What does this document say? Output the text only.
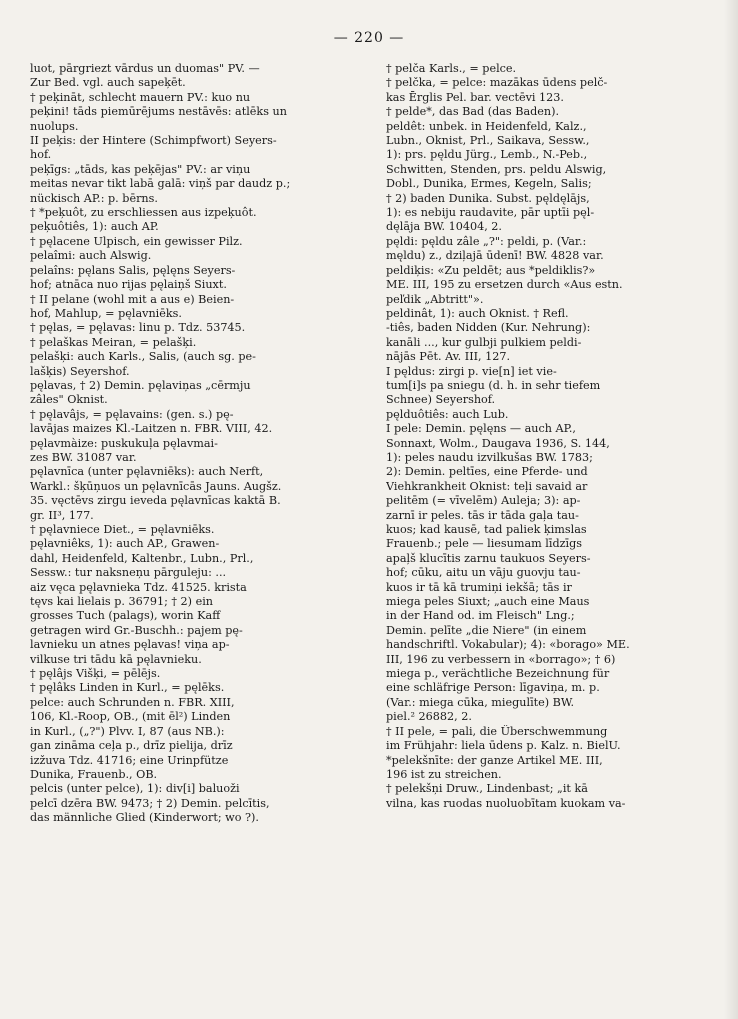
— 220 —
luot, pārgriezt vārdus un duomas" PV. —
Zur Bed. vgl. auch sapeķēt.
† peķināt, schlecht mauern PV.: kuo nu
peķini! tāds piemūrējums nestāvēs: atlēks un
nuolups.
II peķis: der Hintere (Schimpfwort) Seyers-
hof.
peķīgs: „tāds, kas peķējas" PV.: ar viņu
meitas nevar tikt labā galā: viņš par daudz p.;
nückisch AP.: p. bērns.
† *peķuôt, zu erschliessen aus izpeķuôt.
peķuôtiês, 1): auch AP.
† pęlacene Ulpisch, ein gewisser Pilz.
pelaîmi: auch Alswig.
pelaîns: pęlans Salis, pęlęns Seyers-
hof; atnāca nuo rijas pęlaiņš Siuxt.
† II pelane (wohl mit a aus e) Beien-
hof, Mahlup, = pęlavniēks.
† pęlas, = pęlavas: linu p. Tdz. 53745.
† pelaškas Meiran, = pelašķi.
pelašķi: auch Karls., Salis, (auch sg. pe-
lašķis) Seyershof.
pęlavas, † 2) Demin. pęlaviņas „cērmju
zâles" Oknist.
† pęlavâjs, = pęlavains: (gen. s.) pę-
lavājas maizes Kl.-Laitzen n. FBR. VIII, 42.
pęlavmàize: puskukuļa pęlavmai-
zes BW. 31087 var.
pęlavnīca (unter pęlavniēks): auch Nerft,
Warkl.: šķūņuos un pęlavnīcās Jauns. Augšz.
35. vęctēvs zirgu ieveda pęlavnīcas kaktā B.
gr. II³, 177.
† pęlavniece Diet., = pęlavniēks.
pęlavniêks, 1): auch AP., Grawen-
dahl, Heidenfeld, Kaltenbr., Lubn., Prl.,
Sessw.: tur naksneņu pārguleju: ...
aiz vęca pęlavnieka Tdz. 41525. krista
tęvs kai lielais p. 36791; † 2) ein
grosses Tuch (palags), worin Kaff
getragen wird Gr.-Buschh.: pajem pę-
lavnieku un atnes pęlavas! viņa ap-
vilkuse tri tādu kā pęlavnieku.
† pęlâjs Višķi, = pēlējs.
† pęlâks Linden in Kurl., = pęlēks.
pelce: auch Schrunden n. FBR. XIII,
106, Kl.-Roop, OB., (mit ēl²) Linden
in Kurl., („?") Plvv. I, 87 (aus NB.):
gan zināma ceļa p., drīz pielija, drīz
izžuva Tdz. 41716; eine Urinpfütze
Dunika, Frauenb., OB.
pelcis (unter pelce), 1): div[i] baluoži
pelcī dzēra BW. 9473; † 2) Demin. pelcītis,
das männliche Glied (Kinderwort; wo ?).
† pelča Karls., = pelce.
† pelčka, = pelce: mazākas ūdens pelč-
kas Ērglis Pel. bar. vectēvi 123.
† pelde*, das Bad (das Baden).
peldêt: unbek. in Heidenfeld, Kalz.,
Lubn., Oknist, Prl., Saikava, Sessw.,
1): prs. pęldu Jürg., Lemb., N.-Peb.,
Schwitten, Stenden, prs. peldu Alswig,
Dobl., Dunika, Ermes, Kegeln, Salis;
† 2) baden Dunika. Subst. pęldęlājs,
1): es nebiju raudavite, pār uptīi pęl-
dęlāja BW. 10404, 2.
pęldi: pęldu zâle „?": peldi, p. (Var.:
męldu) z., dziļajā ūdenī! BW. 4828 var.
peldiķis: «Zu peldēt; aus *peldiklis?»
ME. III, 195 zu ersetzen durch «Aus estn.
peľdik „Abtritt"».
peldinât, 1): auch Oknist. † Refl.
-tiês, baden Nidden (Kur. Nehrung):
kanāli ..., kur gulbji pulkiem peldi-
nājās Pēt. Av. III, 127.
I pęldus: zirgi p. vie[n] iet vie-
tum[i]s pa sniegu (d. h. in sehr tiefem
Schnee) Seyershof.
pęlduôtiês: auch Lub.
I pele: Demin. pęlęns — auch AP.,
Sonnaxt, Wolm., Daugava 1936, S. 144,
1): peles naudu izvilkušas BW. 1783;
2): Demin. peltīes, eine Pferde- und
Viehkrankheit Oknist: teļi savaid ar
pelitēm (= vīvelēm) Auleja; 3): ap-
zarnī ir peles. tās ir tāda gaļa tau-
kuos; kad kausē, tad paliek ķimslas
Frauenb.; pele — liesumam līdzīgs
apaļš klucītis zarnu taukuos Seyers-
hof; cūku, aitu un vāju guovju tau-
kuos ir tā kā trumiņi iekšā; tās ir
miega peles Siuxt; „auch eine Maus
in der Hand od. im Fleisch" Lng.;
Demin. pelīte „die Niere" (in einem
handschriftl. Vokabular); 4): «borago» ME.
III, 196 zu verbessern in «borrago»; † 6)
miega p., verächtliche Bezeichnung für
eine schläfrige Person: līgaviņa, m. p.
(Var.: miega cūka, miegulīte) BW.
piel.² 26882, 2.
† II pele, = pali, die Überschwemmung
im Frühjahr: liela ūdens p. Kalz. n. BielU.
*pelekšnīte: der ganze Artikel ME. III,
196 ist zu streichen.
† pelekšņi Druw., Lindenbast; „it kā
vilna, kas ruodas nuoluobītam kuokam va-
